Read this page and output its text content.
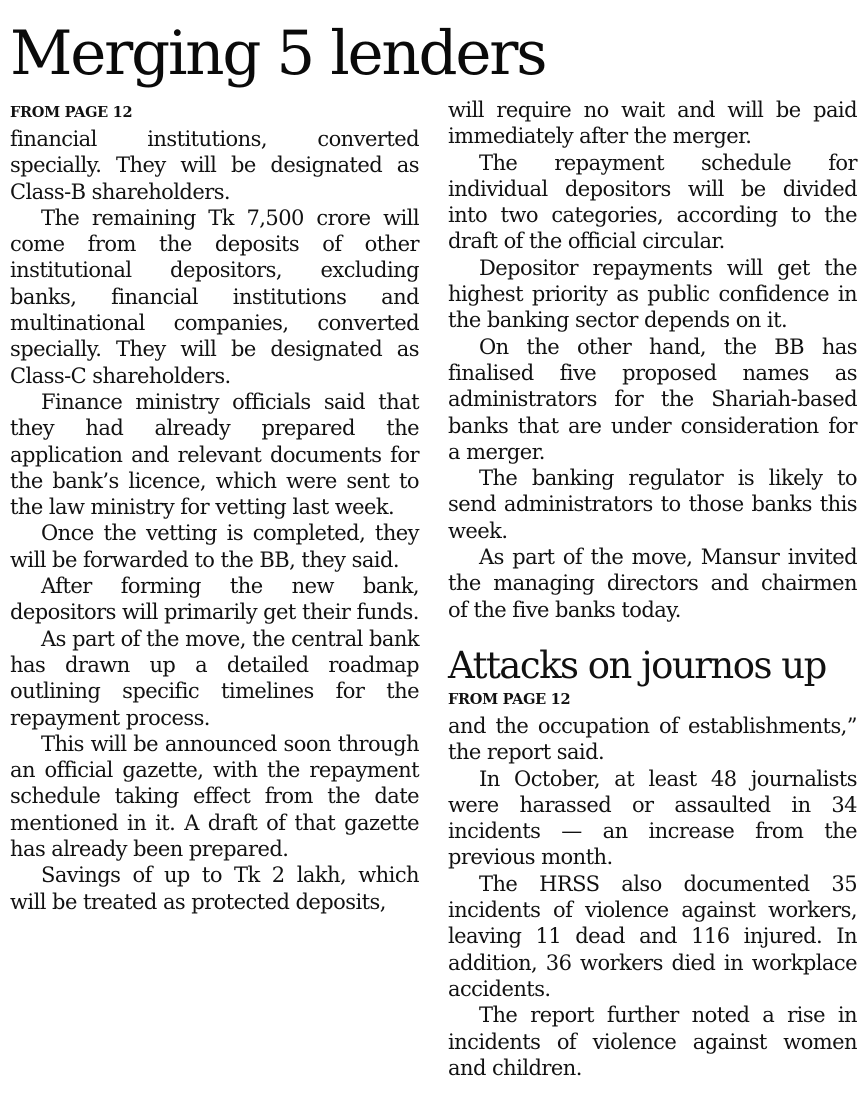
Merging 5 lenders
FROM PAGE 12

financial institutions, converted specially. They will be designated as Class-B shareholders.

The remaining Tk 7,500 crore will come from the deposits of other institutional depositors, excluding banks, financial institutions and multinational companies, converted specially. They will be designated as Class-C shareholders.

Finance ministry officials said that they had already prepared the application and relevant documents for the bank’s licence, which were sent to the law ministry for vetting last week.

Once the vetting is completed, they will be forwarded to the BB, they said.

After forming the new bank, depositors will primarily get their funds.

As part of the move, the central bank has drawn up a detailed roadmap outlining specific timelines for the repayment process.

This will be announced soon through an official gazette, with the repayment schedule taking effect from the date mentioned in it. A draft of that gazette has already been prepared.

Savings of up to Tk 2 lakh, which will be treated as protected deposits,

will require no wait and will be paid immediately after the merger.

The repayment schedule for individual depositors will be divided into two categories, according to the draft of the official circular.

Depositor repayments will get the highest priority as public confidence in the banking sector depends on it.

On the other hand, the BB has finalised five proposed names as administrators for the Shariah-based banks that are under consideration for a merger.

The banking regulator is likely to send administrators to those banks this week.

As part of the move, Mansur invited the managing directors and chairmen of the five banks today.

Attacks on journos up
FROM PAGE 12

and the occupation of establishments,” the report said.

In October, at least 48 journalists were harassed or assaulted in 34 incidents — an increase from the previous month.

The HRSS also documented 35 incidents of violence against workers, leaving 11 dead and 116 injured. In addition, 36 workers died in workplace accidents.

The report further noted a rise in incidents of violence against women and children.
